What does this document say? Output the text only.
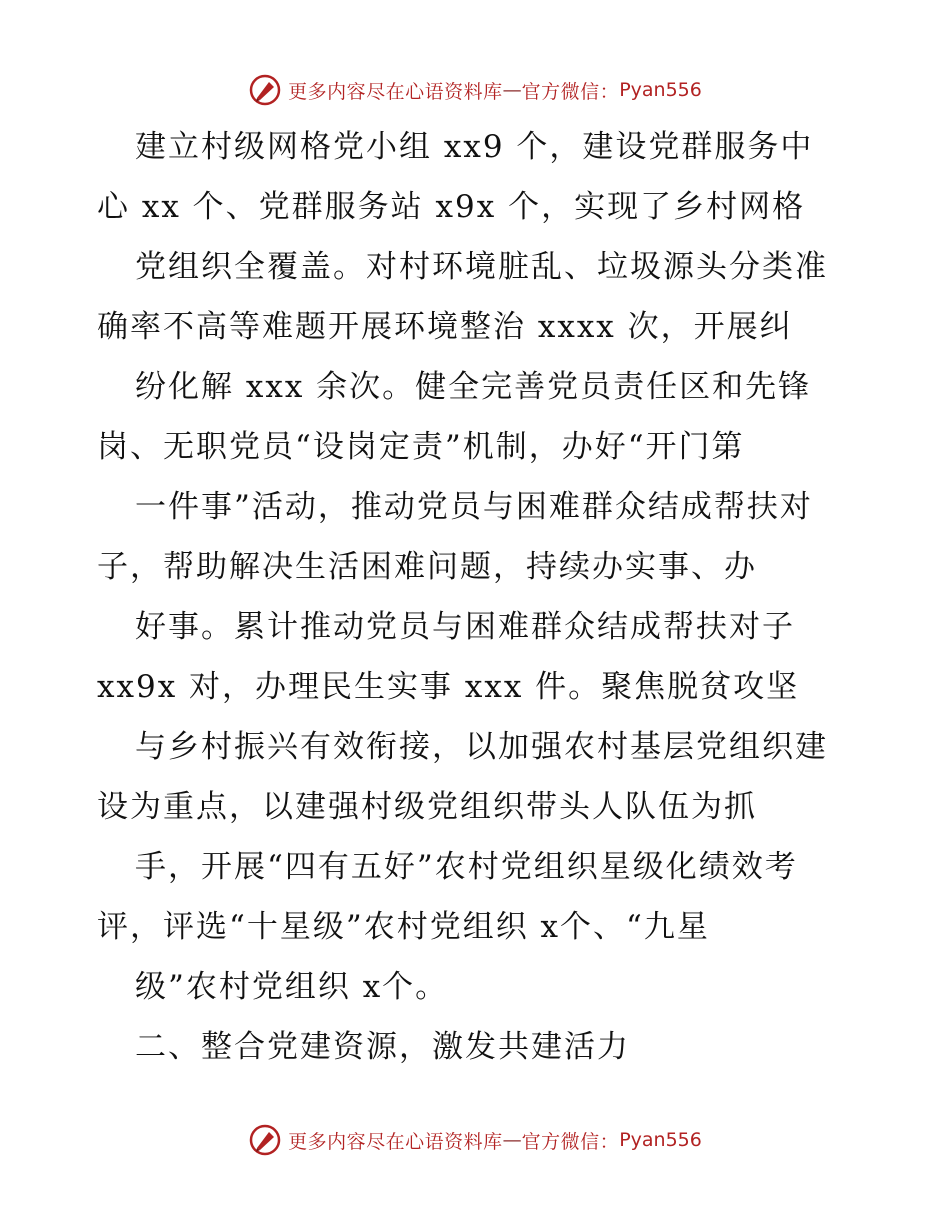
更多内容尽在心语资料库 — 官方微信： Pyan556
建立村级网格党小组 xx9 个，建设党群服务中
心 xx 个、党群服务站 x9x 个，实现了乡村网格
党组织全覆盖。对村环境脏乱、垃圾源头分类准
确率不高等难题开展环境整治 xxxx 次，开展纠
纷化解 xxx 余次。健全完善党员责任区和先锋
岗、无职党员“设岗定责”机制，办好“开门第
一件事”活动，推动党员与困难群众结成帮扶对
子，帮助解决生活困难问题，持续办实事、办
好事。累计推动党员与困难群众结成帮扶对子
xx9x 对，办理民生实事 xxx 件。聚焦脱贫攻坚
与乡村振兴有效衔接，以加强农村基层党组织建
设为重点，以建强村级党组织带头人队伍为抓
手，开展“四有五好”农村党组织星级化绩效考
评，评选“十星级”农村党组织 x个、“九星
级”农村党组织 x个。
二、整合党建资源，激发共建活力
更多内容尽在心语资料库 — 官方微信： Pyan556
